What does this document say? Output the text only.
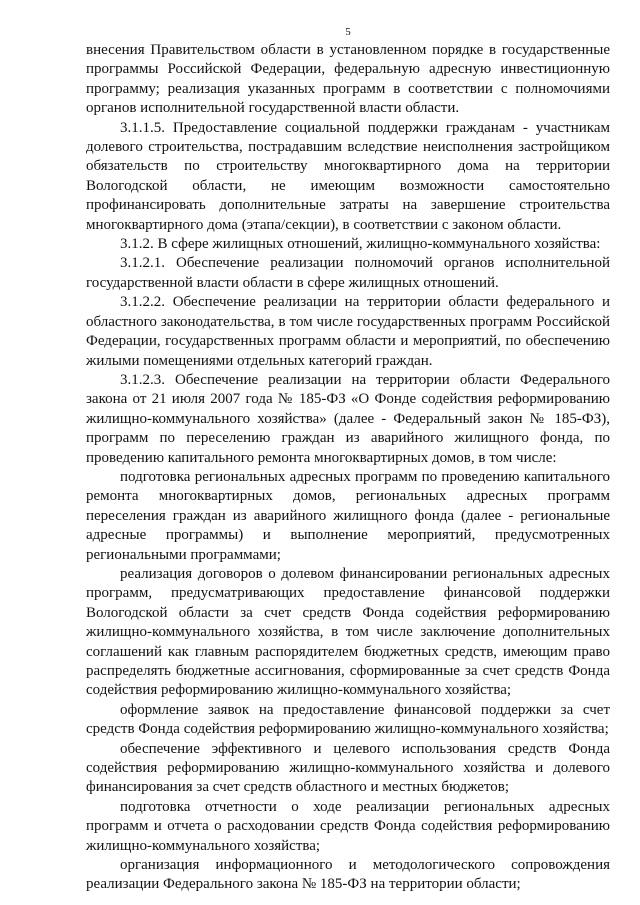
5

внесения Правительством области в установленном порядке в государственные программы Российской Федерации, федеральную адресную инвестиционную программу; реализация указанных программ в соответствии с полномочиями органов исполнительной государственной власти области.

3.1.1.5. Предоставление социальной поддержки гражданам - участникам долевого строительства, пострадавшим вследствие неисполнения застройщиком обязательств по строительству многоквартирного дома на территории Вологодской области, не имеющим возможности самостоятельно профинансировать дополнительные затраты на завершение строительства многоквартирного дома (этапа/секции), в соответствии с законом области.

3.1.2. В сфере жилищных отношений, жилищно-коммунального хозяйства:

3.1.2.1. Обеспечение реализации полномочий органов исполнительной государственной власти области в сфере жилищных отношений.

3.1.2.2. Обеспечение реализации на территории области федерального и областного законодательства, в том числе государственных программ Российской Федерации, государственных программ области и мероприятий, по обеспечению жилыми помещениями отдельных категорий граждан.

3.1.2.3. Обеспечение реализации на территории области Федерального закона от 21 июля 2007 года № 185-ФЗ «О Фонде содействия реформированию жилищно-коммунального хозяйства» (далее - Федеральный закон № 185-ФЗ), программ по переселению граждан из аварийного жилищного фонда, по проведению капитального ремонта многоквартирных домов, в том числе:

подготовка региональных адресных программ по проведению капитального ремонта многоквартирных домов, региональных адресных программ переселения граждан из аварийного жилищного фонда (далее - региональные адресные программы) и выполнение мероприятий, предусмотренных региональными программами;

реализация договоров о долевом финансировании региональных адресных программ, предусматривающих предоставление финансовой поддержки Вологодской области за счет средств Фонда содействия реформированию жилищно-коммунального хозяйства, в том числе заключение дополнительных соглашений как главным распорядителем бюджетных средств, имеющим право распределять бюджетные ассигнования, сформированные за счет средств Фонда содействия реформированию жилищно-коммунального хозяйства;

оформление заявок на предоставление финансовой поддержки за счет средств Фонда содействия реформированию жилищно-коммунального хозяйства;

обеспечение эффективного и целевого использования средств Фонда содействия реформированию жилищно-коммунального хозяйства и долевого финансирования за счет средств областного и местных бюджетов;

подготовка отчетности о ходе реализации региональных адресных программ и отчета о расходовании средств Фонда содействия реформированию жилищно-коммунального хозяйства;

организация информационного и методологического сопровождения реализации Федерального закона № 185-ФЗ на территории области;
